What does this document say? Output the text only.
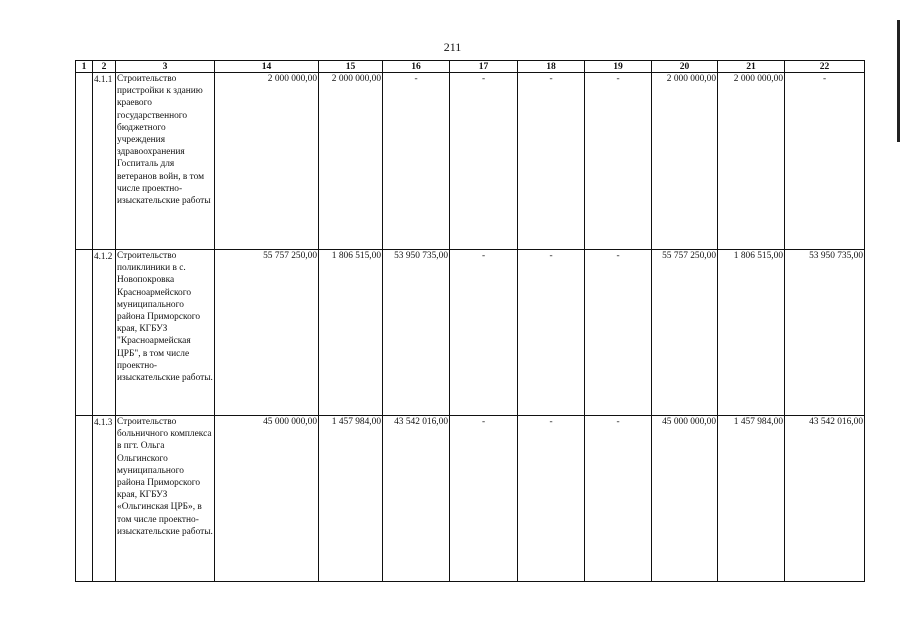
211
1	2	3	14	15	16	17	18	19	20	21	22
	4.1.1	Строительство пристройки к зданию краевого государственного бюджетного учреждения здравоохранения Госпиталь для ветеранов войн, в том числе проектно-изыскательские работы	2 000 000,00	2 000 000,00	-	-	-	-	2 000 000,00	2 000 000,00	-
	4.1.2	Строительство поликлиники в с. Новопокровка Красноармейского муниципального района Приморского края, КГБУЗ "Красноармейская ЦРБ", в том числе проектно-изыскательские работы.	55 757 250,00	1 806 515,00	53 950 735,00	-	-	-	55 757 250,00	1 806 515,00	53 950 735,00
	4.1.3	Строительство больничного комплекса в пгт. Ольга Ольгинского муниципального района Приморского края, КГБУЗ «Ольгинская ЦРБ», в том числе проектно-изыскательские работы.	45 000 000,00	1 457 984,00	43 542 016,00	-	-	-	45 000 000,00	1 457 984,00	43 542 016,00
